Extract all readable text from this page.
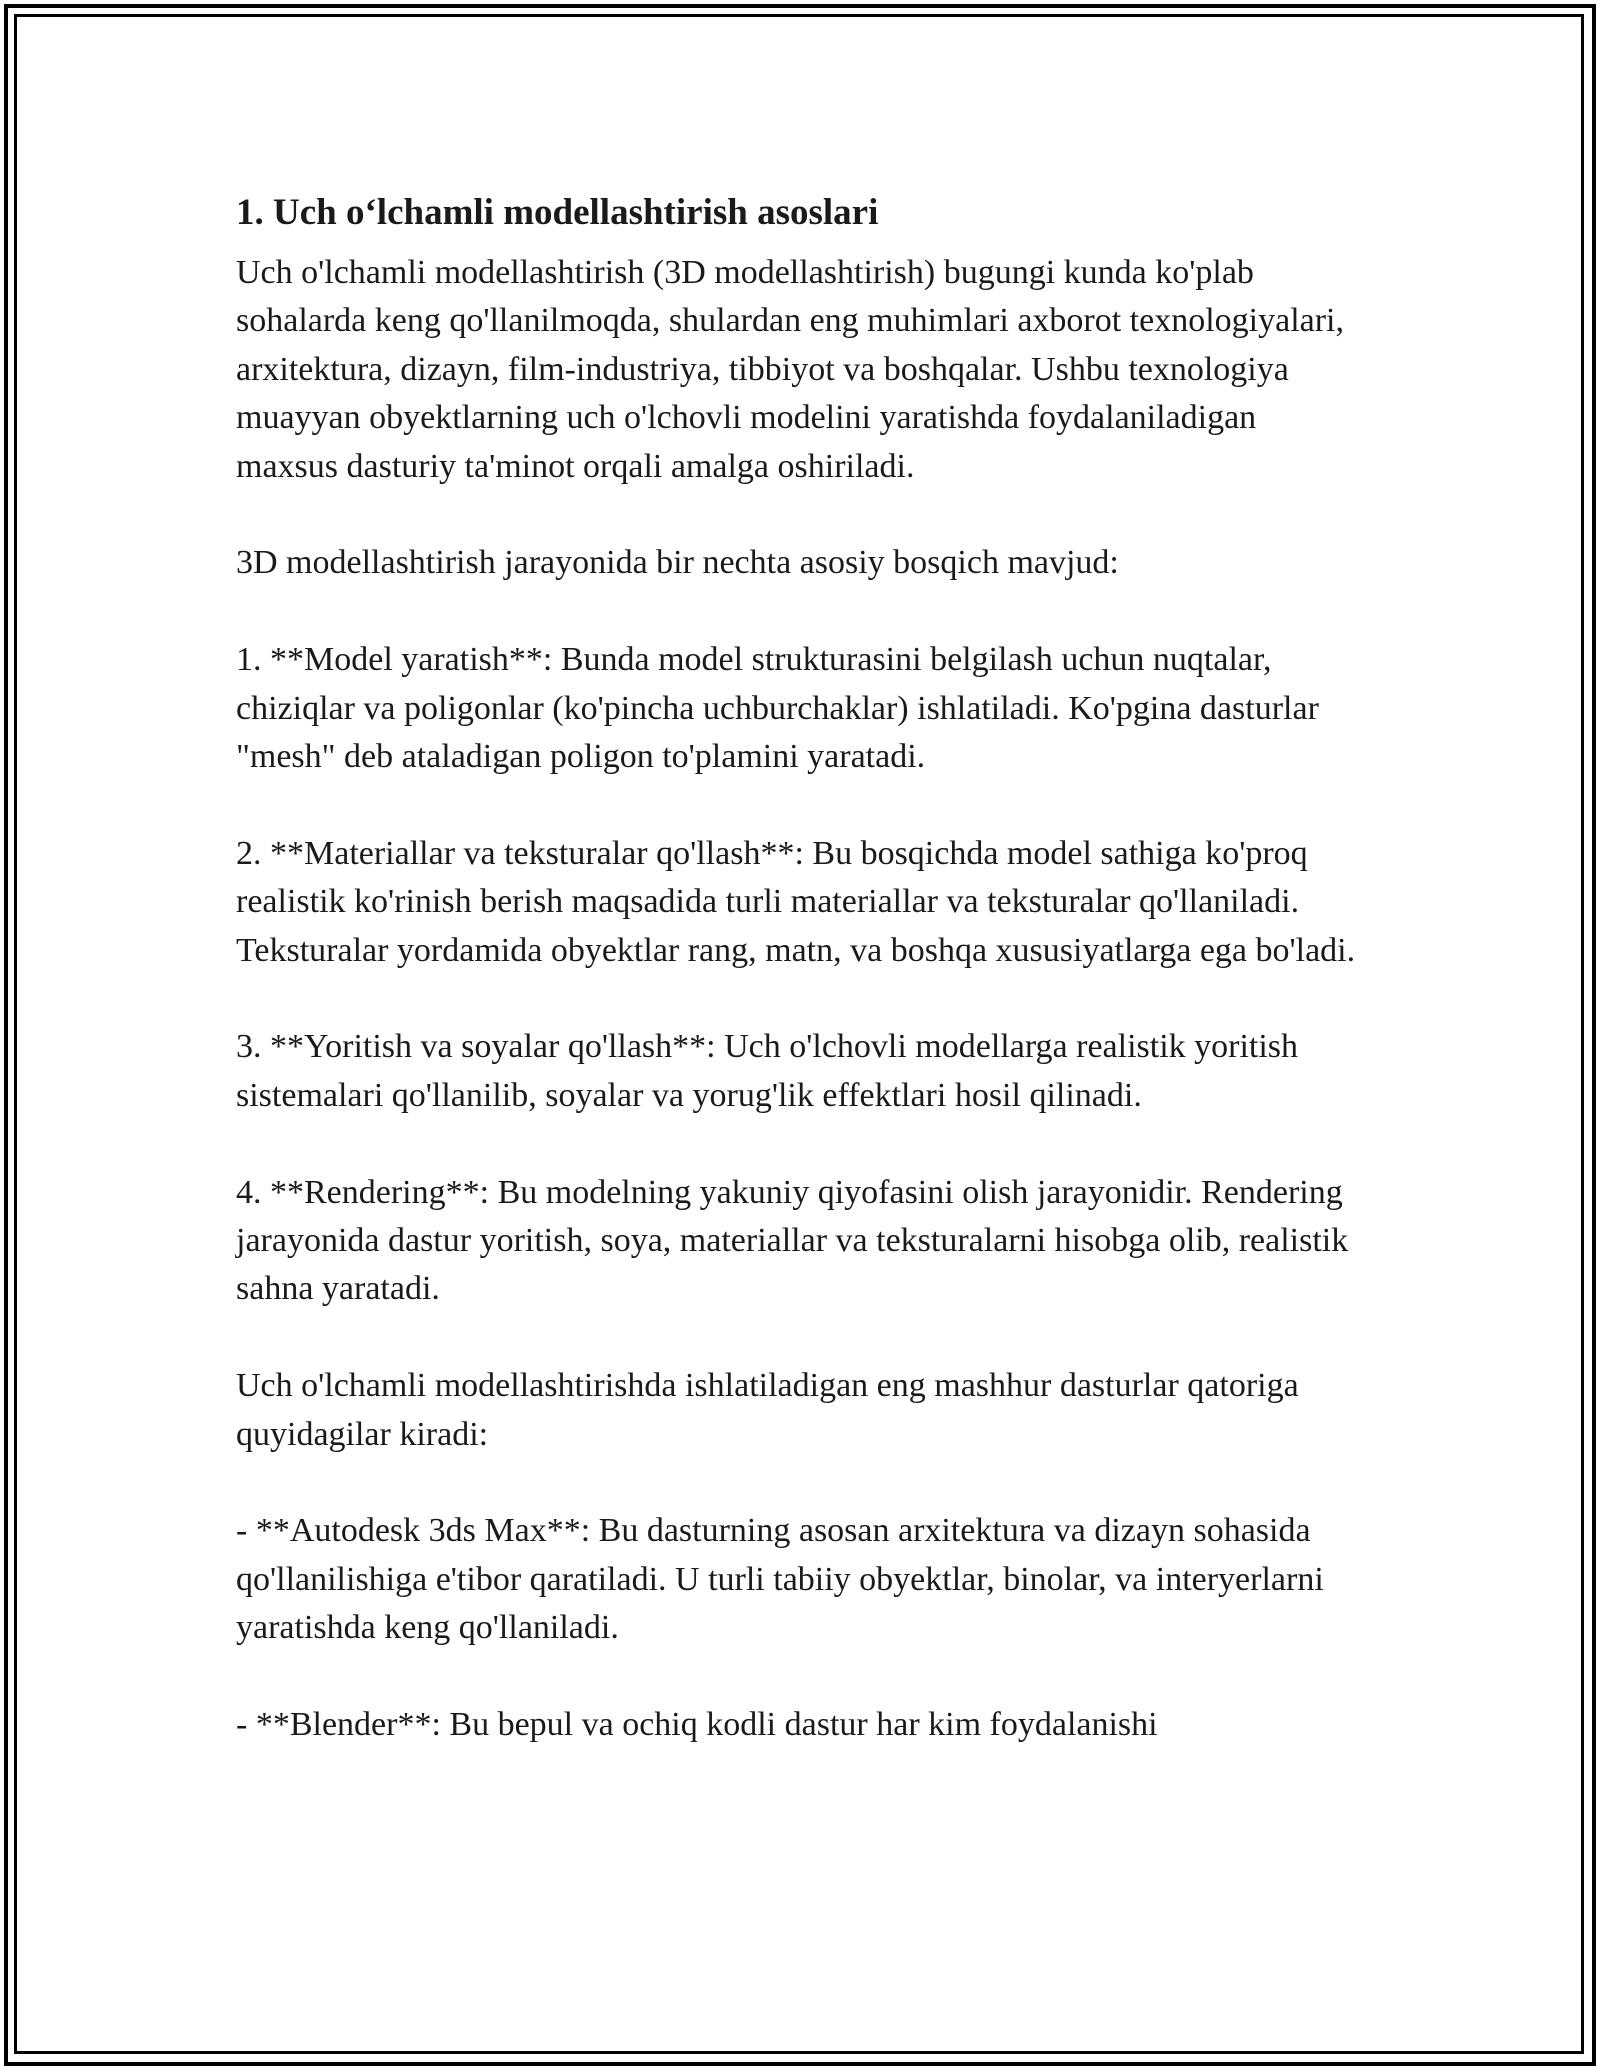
1. Uch o‘lchamli modellashtirish asoslari

Uch o'lchamli modellashtirish (3D modellashtirish) bugungi kunda ko'plab sohalarda keng qo'llanilmoqda, shulardan eng muhimlari axborot texnologiyalari, arxitektura, dizayn, film-industriya, tibbiyot va boshqalar. Ushbu texnologiya muayyan obyektlarning uch o'lchovli modelini yaratishda foydalaniladigan maxsus dasturiy ta'minot orqali amalga oshiriladi.

3D modellashtirish jarayonida bir nechta asosiy bosqich mavjud:

1. **Model yaratish**: Bunda model strukturasini belgilash uchun nuqtalar, chiziqlar va poligonlar (ko'pincha uchburchaklar) ishlatiladi. Ko'pgina dasturlar "mesh" deb ataladigan poligon to'plamini yaratadi.

2. **Materiallar va teksturalar qo'llash**: Bu bosqichda model sathiga ko'proq realistik ko'rinish berish maqsadida turli materiallar va teksturalar qo'llaniladi. Teksturalar yordamida obyektlar rang, matn, va boshqa xususiyatlarga ega bo'ladi.

3. **Yoritish va soyalar qo'llash**: Uch o'lchovli modellarga realistik yoritish sistemalari qo'llanilib, soyalar va yorug'lik effektlari hosil qilinadi.

4. **Rendering**: Bu modelning yakuniy qiyofasini olish jarayonidir. Rendering jarayonida dastur yoritish, soya, materiallar va teksturalarni hisobga olib, realistik sahna yaratadi.

Uch o'lchamli modellashtirishda ishlatiladigan eng mashhur dasturlar qatoriga quyidagilar kiradi:

- **Autodesk 3ds Max**: Bu dasturning asosan arxitektura va dizayn sohasida qo'llanilishiga e'tibor qaratiladi. U turli tabiiy obyektlar, binolar, va interyerlarni yaratishda keng qo'llaniladi.

- **Blender**: Bu bepul va ochiq kodli dastur har kim foydalanishi
